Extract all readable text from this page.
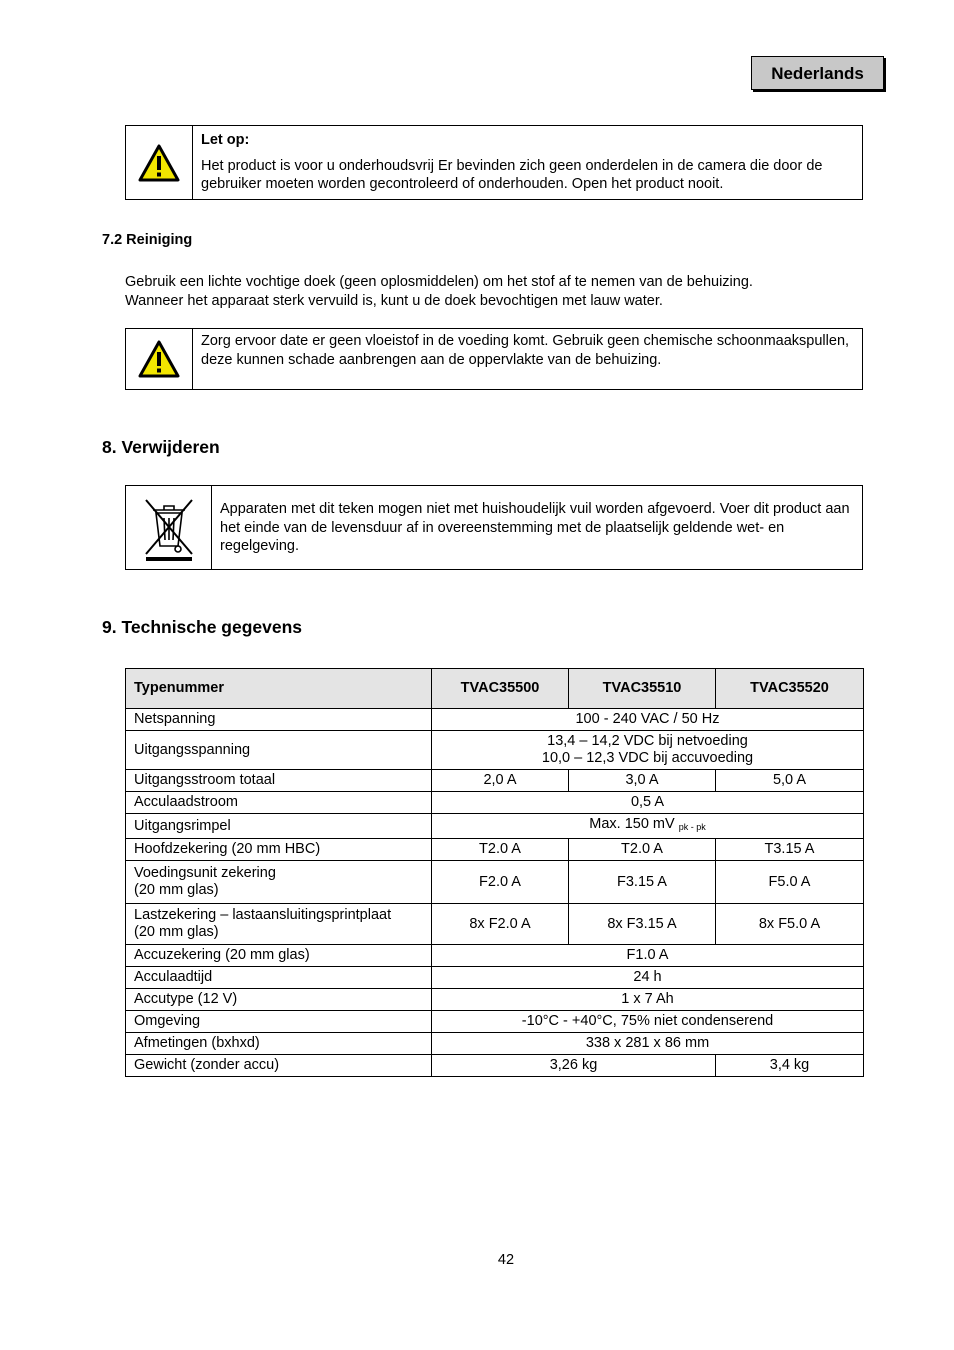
Nederlands

Let op:

Het product is voor u onderhoudsvrij Er bevinden zich geen onderdelen in de camera die door de gebruiker moeten worden gecontroleerd of onderhouden. Open het product nooit.

7.2 Reiniging

Gebruik een lichte vochtige doek (geen oplosmiddelen) om het stof af te nemen van de behuizing.

Wanneer het apparaat sterk vervuild is, kunt u de doek bevochtigen met lauw water.

Zorg ervoor date er geen vloeistof in de voeding komt. Gebruik geen chemische schoonmaakspullen, deze kunnen schade aanbrengen aan de oppervlakte van de behuizing.

8. Verwijderen

Apparaten met dit teken mogen niet met huishoudelijk vuil worden afgevoerd. Voer dit product aan het einde van de levensduur af in overeenstemming met de plaatselijk geldende wet- en regelgeving.

9. Technische gegevens
Typenummer	TVAC35500	TVAC35510	TVAC35520
Netspanning	100 - 240 VAC / 50 Hz		
Uitgangsspanning	13,4 – 14,2 VDC bij netvoeding
10,0 – 12,3 VDC bij accuvoeding		

Uitgangsstroom totaal	2,0 A	3,0 A	5,0 A
Acculaadstroom	0,5 A		
Uitgangsrimpel	Max. 150 mV $_{pk - pk}$
Hoofdzekering (20 mm HBC)	T2.0 A	T2.0 A	T3.15 A

Voedingsunit zekering
(20 mm glas)	F2.0 A	F3.15 A	F5.0 A

Lastzekering – lastaansluitingsprintplaat
(20 mm glas)	8x F2.0 A	8x F3.15 A	8x F5.0 A
Accuzekering (20 mm glas)	F1.0 A		
Acculaadtijd	24 h		
Accutype (12 V)	1 x 7 Ah		
Omgeving	-10°C - +40°C, 75% niet condenserend		
Afmetingen (bxhxd)	338 x 281 x 86 mm		
Gewicht (zonder accu)	3,26 kg		3,4 kg
42
